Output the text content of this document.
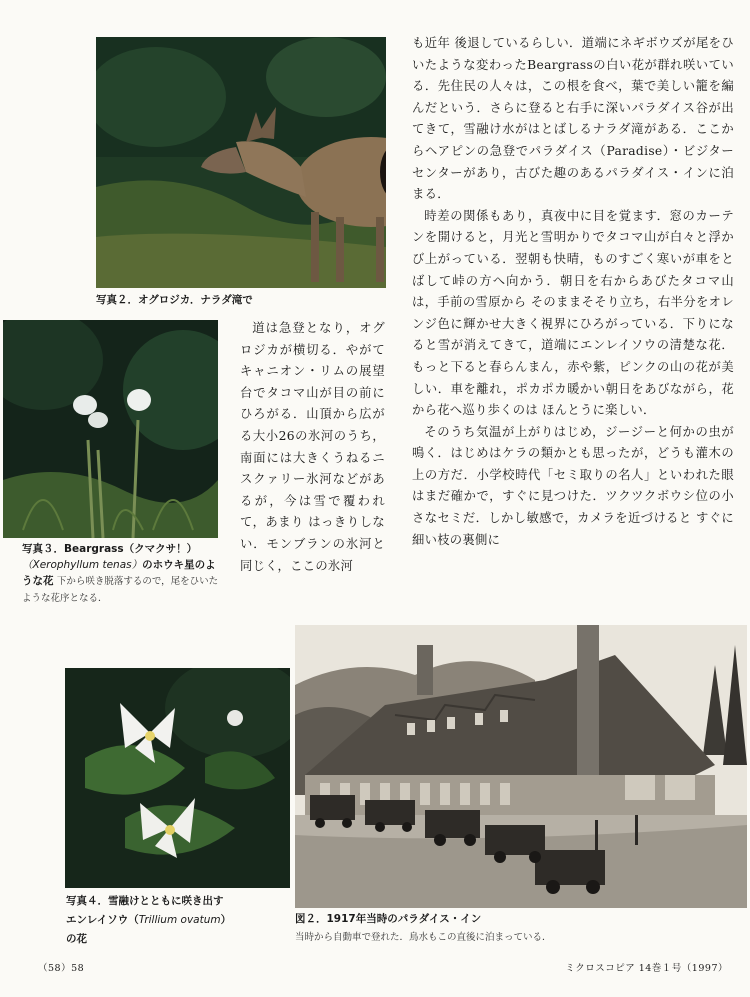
写真２．オグロジカ．ナラダ滝で
写真３．Beargrass（クマクサ！）
（Xerophyllum tenas）のホウキ星のような花 下から咲き脱落するので，尾をひいたような花序となる．

道は急登となり，オグロジカが横切る．やがてキャニオン・リムの展望台でタコマ山が目の前にひろがる．山頂から広がる大小26の氷河のうち，南面には大きくうねるニスクァリー氷河などがあるが，今は雪で覆われて，あまり はっきりしない．モンブランの氷河と同じく，ここの氷河

も近年 後退しているらしい．道端にネギボウズが尾をひいたような変わったBeargrassの白い花が群れ咲いている．先住民の人々は，この根を食べ，葉で美しい籠を編んだという．さらに登ると右手に深いパラダイス谷が出てきて，雪融け水がはとばしるナラダ滝がある．ここからヘアピンの急登でパラダイス（Paradise）・ビジターセンターがあり，古びた趣のあるパラダイス・インに泊まる．

時差の関係もあり，真夜中に目を覚ます．窓のカーテンを開けると，月光と雪明かりでタコマ山が白々と浮かび上がっている．翌朝も快晴，ものすごく寒いが車をとばして峠の方へ向かう．朝日を右からあびたタコマ山は，手前の雪原から そのままそそり立ち，右半分をオレンジ色に輝かせ大きく視界にひろがっている．下りになると雪が消えてきて，道端にエンレイソウの清楚な花．もっと下ると春らんまん，赤や紫，ピンクの山の花が美しい．車を離れ，ポカポカ暖かい朝日をあびながら，花から花へ巡り歩くのは ほんとうに楽しい．

そのうち気温が上がりはじめ，ジージーと何かの虫が鳴く．はじめはケラの類かとも思ったが，どうも灌木の上の方だ．小学校時代「セミ取りの名人」といわれた眼はまだ確かで，すぐに見つけた．ツクツクボウシ位の小さなセミだ．しかし敏感で，カメラを近づけると すぐに細い枝の裏側に

写真４．雪融けとともに咲き出す
エンレイソウ（Trillium ovatum）
の花
図２．1917年当時のパラダイス・イン
当時から自動車で登れた．鳥水もこの直後に泊まっている．
（58）58	ミクロスコピア 14巻１号（1997）
